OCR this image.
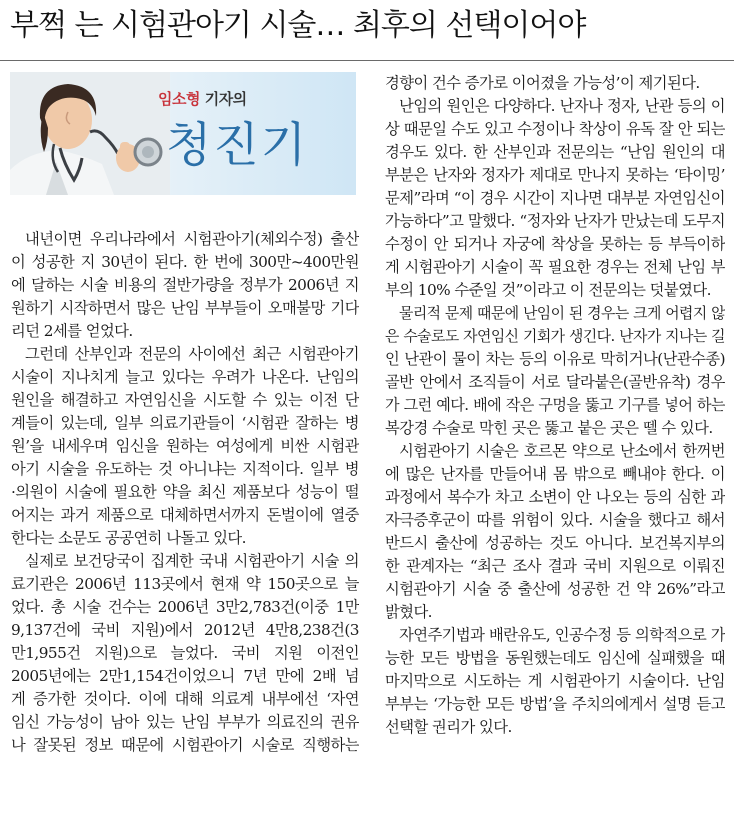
부쩍 는 시험관아기 시술… 최후의 선택이어야
임소형 기자의
청진기
내년이면 우리나라에서 시험관아기(체외수정) 출산
이 성공한 지 30년이 된다. 한 번에 300만~400만원
에 달하는 시술 비용의 절반가량을 정부가 2006년 지
원하기 시작하면서 많은 난임 부부들이 오매불망 기다
리던 2세를 얻었다.
그런데 산부인과 전문의 사이에선 최근 시험관아기
시술이 지나치게 늘고 있다는 우려가 나온다. 난임의
원인을 해결하고 자연임신을 시도할 수 있는 이전 단
계들이 있는데, 일부 의료기관들이 ‘시험관 잘하는 병
원’을 내세우며 임신을 원하는 여성에게 비싼 시험관
아기 시술을 유도하는 것 아니냐는 지적이다. 일부 병
·의원이 시술에 필요한 약을 최신 제품보다 성능이 떨
어지는 과거 제품으로 대체하면서까지 돈벌이에 열중
한다는 소문도 공공연히 나돌고 있다.
실제로 보건당국이 집계한 국내 시험관아기 시술 의
료기관은 2006년 113곳에서 현재 약 150곳으로 늘
었다. 총 시술 건수는 2006년 3만2,783건(이중 1만
9,137건에 국비 지원)에서 2012년 4만8,238건(3
만1,955건 지원)으로 늘었다. 국비 지원 이전인
2005년에는 2만1,154건이었으니 7년 만에 2배 넘
게 증가한 것이다. 이에 대해 의료계 내부에선 ‘자연
임신 가능성이 남아 있는 난임 부부가 의료진의 권유
나 잘못된 정보 때문에 시험관아기 시술로 직행하는
경향이 건수 증가로 이어졌을 가능성’이 제기된다.
난임의 원인은 다양하다. 난자나 정자, 난관 등의 이
상 때문일 수도 있고 수정이나 착상이 유독 잘 안 되는
경우도 있다. 한 산부인과 전문의는 “난임 원인의 대
부분은 난자와 정자가 제대로 만나지 못하는 ‘타이밍’
문제”라며 “이 경우 시간이 지나면 대부분 자연임신이
가능하다”고 말했다. “정자와 난자가 만났는데 도무지
수정이 안 되거나 자궁에 착상을 못하는 등 부득이하
게 시험관아기 시술이 꼭 필요한 경우는 전체 난임 부
부의 10% 수준일 것”이라고 이 전문의는 덧붙였다.
물리적 문제 때문에 난임이 된 경우는 크게 어렵지 않
은 수술로도 자연임신 기회가 생긴다. 난자가 지나는 길
인 난관이 물이 차는 등의 이유로 막히거나(난관수종)
골반 안에서 조직들이 서로 달라붙은(골반유착) 경우
가 그런 예다. 배에 작은 구멍을 뚫고 기구를 넣어 하는
복강경 수술로 막힌 곳은 뚫고 붙은 곳은 뗄 수 있다.
시험관아기 시술은 호르몬 약으로 난소에서 한꺼번
에 많은 난자를 만들어내 몸 밖으로 빼내야 한다. 이
과정에서 복수가 차고 소변이 안 나오는 등의 심한 과
자극증후군이 따를 위험이 있다. 시술을 했다고 해서
반드시 출산에 성공하는 것도 아니다. 보건복지부의
한 관계자는 “최근 조사 결과 국비 지원으로 이뤄진
시험관아기 시술 중 출산에 성공한 건 약 26%”라고
밝혔다.
자연주기법과 배란유도, 인공수정 등 의학적으로 가
능한 모든 방법을 동원했는데도 임신에 실패했을 때
마지막으로 시도하는 게 시험관아기 시술이다. 난임
부부는 ‘가능한 모든 방법’을 주치의에게서 설명 듣고
선택할 권리가 있다.
